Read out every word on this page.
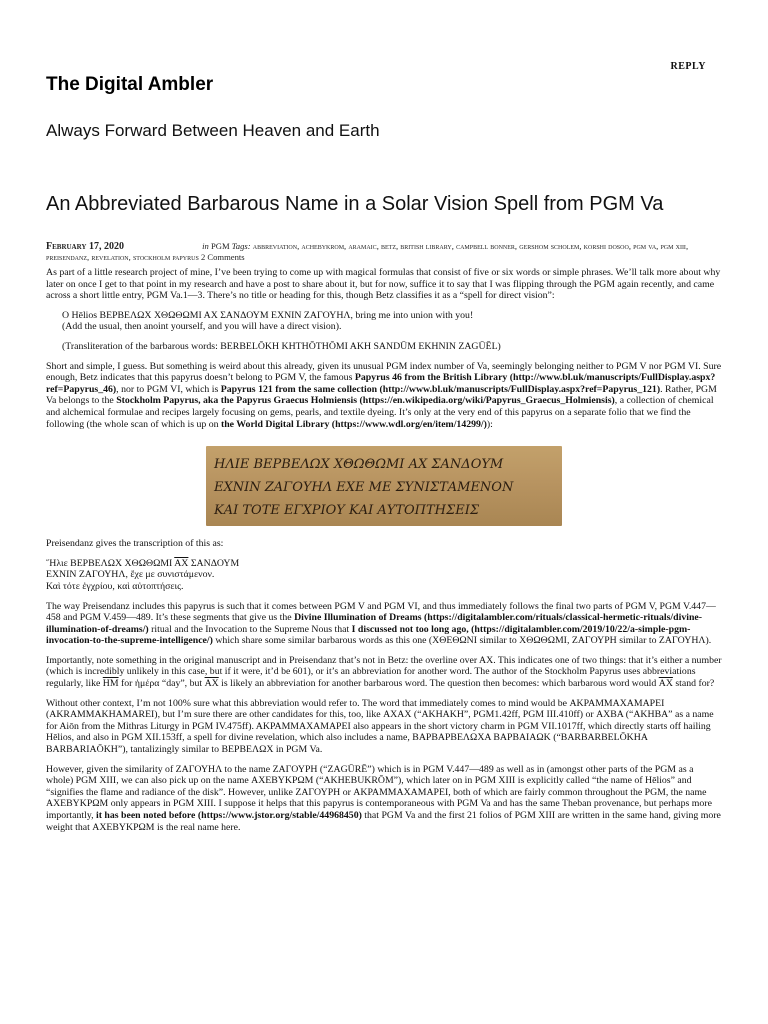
REPLY
The Digital Ambler
Always Forward Between Heaven and Earth
An Abbreviated Barbarous Name in a Solar Vision Spell from PGM Va
February 17, 2020	in PGM Tags: abbreviation, achebykrom, aramaic, betz, british library, campbell bonner, gershom scholem, korshi dosoo, pgm va, pgm xiii, preisendanz, revelation, stockholm papyrus 2 Comments

As part of a little research project of mine, I’ve been trying to come up with magical formulas that consist of five or six words or simple phrases. We’ll talk more about why later on once I get to that point in my research and have a post to share about it, but for now, suffice it to say that I was flipping through the PGM again recently, and came across a short little entry, PGM Va.1—3. There’s no title or heading for this, though Betz classifies it as a “spell for direct vision”:

O Hēlios ΒΕΡΒΕΛΩΧ ΧΘΩΘΩΜΙ ΑΧ ΣΑΝΔΟΥΜ ΕΧΝΙΝ ΖΑΓΟΥΗΛ, bring me into union with you!

(Add the usual, then anoint yourself, and you will have a direct vision).

(Transliteration of the barbarous words: BERBELŌKH KHTHŌTHŌMI AKH SANDŪM EKHNIN ZAGŪĒL)

Short and simple, I guess. But something is weird about this already, given its unusual PGM index number of Va, seemingly belonging neither to PGM V nor PGM VI. Sure enough, Betz indicates that this papyrus doesn’t belong to PGM V, the famous Papyrus 46 from the British Library (http://www.bl.uk/manuscripts/FullDisplay.aspx?ref=Papyrus_46), nor to PGM VI, which is Papyrus 121 from the same collection (http://www.bl.uk/manuscripts/FullDisplay.aspx?ref=Papyrus_121). Rather, PGM Va belongs to the Stockholm Papyrus, aka the Papyrus Graecus Holmiensis (https://en.wikipedia.org/wiki/Papyrus_Graecus_Holmiensis), a collection of chemical and alchemical formulae and recipes largely focusing on gems, pearls, and textile dyeing. It’s only at the very end of this papyrus on a separate folio that we find the following (the whole scan of which is up on the World Digital Library (https://www.wdl.org/en/item/14299/)):

ΗΛΙΕ ΒΕΡΒΕΛΩΧ ΧΘΩΘΩΜΙ ΑΧ ΣΑΝΔΟΥΜ
ΕΧΝΙΝ ΖΑΓΟΥΗΛ ΕΧΕ ΜΕ ΣΥΝΙΣΤΑΜΕΝΟΝ
ΚΑΙ ΤΟΤΕ ΕΓΧΡΙΟΥ ΚΑΙ ΑΥΤΟΠΤΗΣΕΙΣ

Preisendanz gives the transcription of this as:

῞Ηλιε ΒΕΡΒΕΛΩΧ ΧΘΩΘΩΜΙ $\overline{AX}$ ΣΑΝΔΟΥΜ

ΕΧΝΙΝ ΖΑΓΟΥΗΛ, ἔχε με συνιστάμενον.

Καὶ τότε ἐγχρίου, καὶ αὐτοπτήσεις.

The way Preisendanz includes this papyrus is such that it comes between PGM V and PGM VI, and thus immediately follows the final two parts of PGM V, PGM V.447—458 and PGM V.459—489. It’s these segments that give us the Divine Illumination of Dreams (https://digitalambler.com/rituals/classical-hermetic-rituals/divine-illumination-of-dreams/) ritual and the Invocation to the Supreme Nous that I discussed not too long ago, (https://digitalambler.com/2019/10/22/a-simple-pgm-invocation-to-the-supreme-intelligence/) which share some similar barbarous words as this one (ΧΘΕΘΩΝΙ similar to ΧΘΩΘΩΜΙ, ΖΑΓΟΥΡΗ similar to ΖΑΓΟΥΗΛ).

Importantly, note something in the original manuscript and in Preisendanz that’s not in Betz: the overline over AX. This indicates one of two things: that it’s either a number (which is incredibly unlikely in this case, but if it were, it’d be 601), or it’s an abbreviation for another word. The author of the Stockholm Papyrus uses abbreviations regularly, like $\overline{HM}$ for ἡμέρα “day”, but $\overline{AX}$ is likely an abbreviation for another barbarous word. The question then becomes: which barbarous word would $\overline{AX}$ stand for?

Without other context, I’m not 100% sure what this abbreviation would refer to. The word that immediately comes to mind would be ΑΚΡΑΜΜΑΧΑΜΑΡΕΙ (AKRAMMAKHAMAREI), but I’m sure there are other candidates for this, too, like ΑΧΑΧ (“AKHAKH”, PGM1.42ff, PGM III.410ff) or ΑΧΒΑ (“AKHBA” as a name for Aiōn from the Mithras Liturgy in PGM IV.475ff). ΑΚΡΑΜΜΑΧΑΜΑΡΕΙ also appears in the short victory charm in PGM VII.1017ff, which directly starts off hailing Hēlios, and also in PGM XII.153ff, a spell for divine revelation, which also includes a name, ΒΑΡΒΑΡΒΕΛΩΧΑ ΒΑΡΒΑΙΑΩΚ (“BARBARBELŌKHA BARBARIAŌKH”), tantalizingly similar to ΒΕΡΒΕΛΩΧ in PGM Va.

However, given the similarity of ΖΑΓΟΥΗΛ to the name ΖΑΓΟΥΡΗ (“ZAGŪRĒ”) which is in PGM V.447—489 as well as in (amongst other parts of the PGM as a whole) PGM XIII, we can also pick up on the name ΑΧΕΒΥΚΡΩΜ (“AKHEBUKRŌM”), which later on in PGM XIII is explicitly called “the name of Hēlios” and “signifies the flame and radiance of the disk”. However, unlike ΖΑΓΟΥΡΗ or ΑΚΡΑΜΜΑΧΑΜΑΡΕΙ, both of which are fairly common throughout the PGM, the name ΑΧΕΒΥΚΡΩΜ only appears in PGM XIII. I suppose it helps that this papyrus is contemporaneous with PGM Va and has the same Theban provenance, but perhaps more importantly, it has been noted before (https://www.jstor.org/stable/44968450) that PGM Va and the first 21 folios of PGM XIII are written in the same hand, giving more weight that ΑΧΕΒΥΚΡΩΜ is the real name here.
